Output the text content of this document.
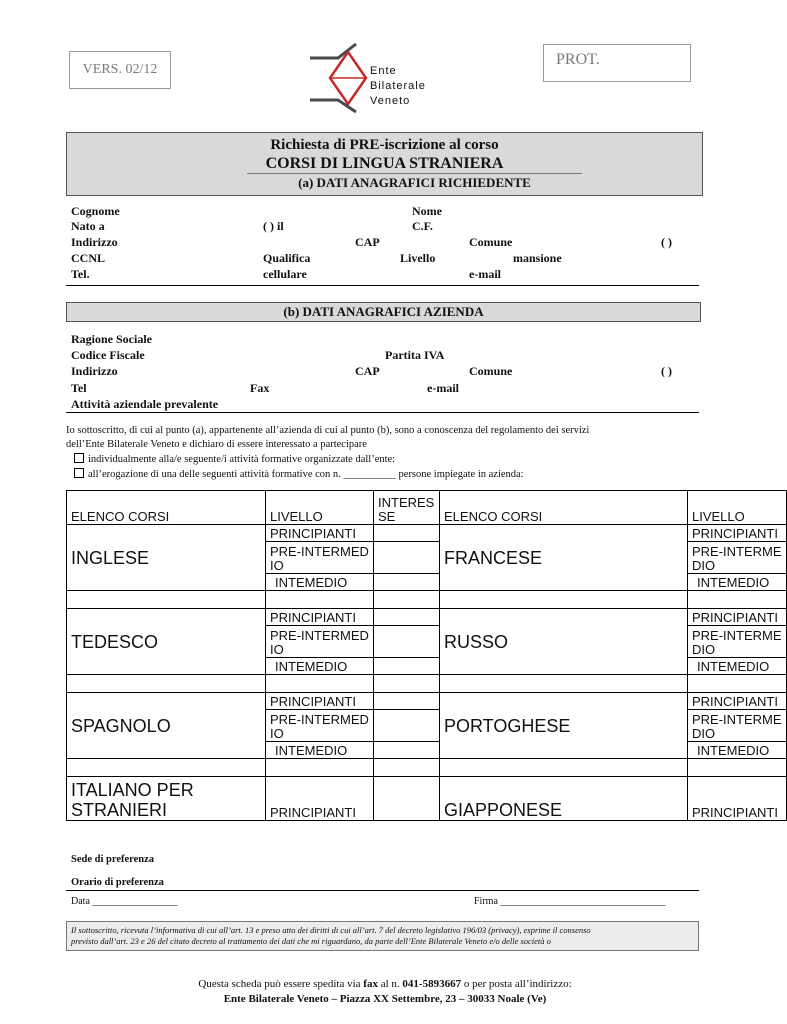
VERS. 02/12	Ente
Bilaterale
Veneto
PROT.
Richiesta di PRE-iscrizione al corso
CORSI DI LINGUA STRANIERA
(a) DATI ANAGRAFICI RICHIEDENTE
Cognome	Nome
Nato a	( ) il	C.F.
Indirizzo	CAP	Comune	( )
CCNL	Qualifica	Livello	mansione
Tel.	cellulare	e-mail
(b) DATI ANAGRAFICI AZIENDA
Ragione Sociale
Codice Fiscale	Partita IVA
Indirizzo	CAP	Comune	( )
Tel	Fax	e-mail
Attività aziendale prevalente
Io sottoscritto, di cui al punto (a), appartenente all’azienda di cui al punto (b), sono a conoscenza del regolamento dei servizi
dell’Ente Bilaterale Veneto e dichiaro di essere interessato a partecipare
individualmente alla/e seguente/i attività formative organizzate dall’ente:
all’erogazione di una delle seguenti attività formative con n. __________ persone impiegate in azienda:
ELENCO CORSI	LIVELLO	INTERESSE	ELENCO CORSI	LIVELLO
INGLESE	PRINCIPIANTI		FRANCESE	PRINCIPIANTI
	PRE-INTERMEDIO			PRE-INTERMEDIO
	INTEMEDIO			INTEMEDIO

TEDESCO	PRINCIPIANTI		RUSSO	PRINCIPIANTI
	PRE-INTERMEDIO			PRE-INTERMEDIO
	INTEMEDIO			INTEMEDIO

SPAGNOLO	PRINCIPIANTI		PORTOGHESE	PRINCIPIANTI
	PRE-INTERMEDIO			PRE-INTERMEDIO
	INTEMEDIO			INTEMEDIO

ITALIANO PER STRANIERI	PRINCIPIANTI		GIAPPONESE	PRINCIPIANTI
Sede di preferenza
Orario di preferenza
Data _________________	Firma _________________________________
Il sottoscritto, ricevuta l’informativa di cui all’art. 13 e preso atto dei diritti di cui all’art. 7 del decreto legislativo 196/03 (privacy), esprime il consenso
previsto dall’art. 23 e 26 del citato decreto al trattamento dei dati che mi riguardano, da parte dell’Ente Bilaterale Veneto e/o delle società o
Questa scheda può essere spedita via fax al n. 041-5893667 o per posta all’indirizzo:
Ente Bilaterale Veneto – Piazza XX Settembre, 23 – 30033 Noale (Ve)
